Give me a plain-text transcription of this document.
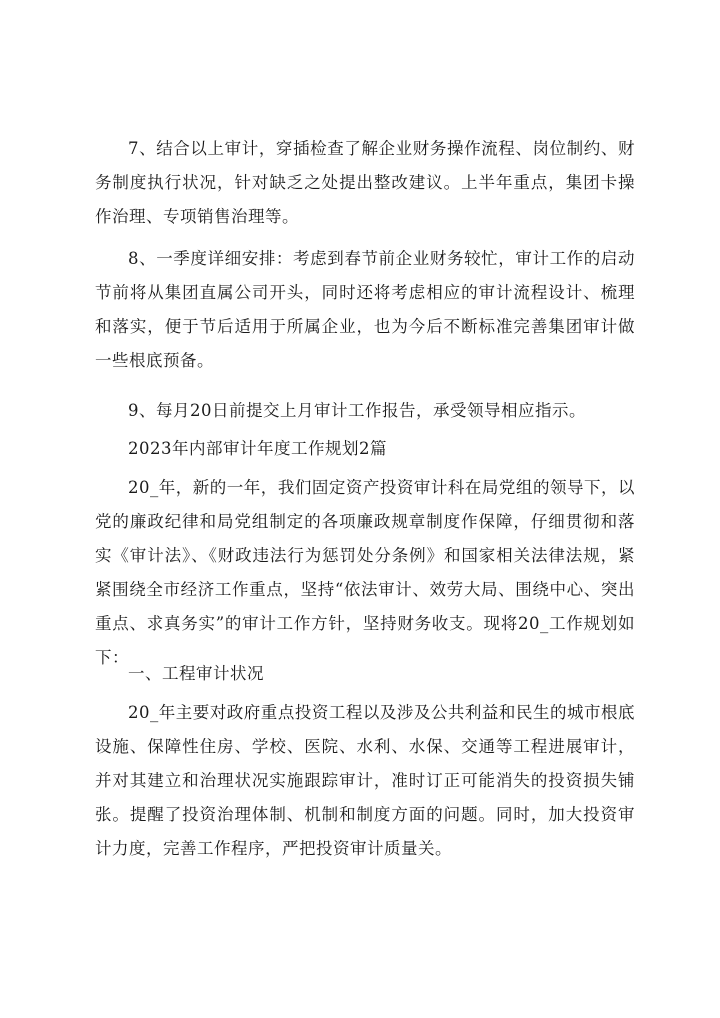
7、结合以上审计，穿插检查了解企业财务操作流程、岗位制约、财务制度执行状况，针对缺乏之处提出整改建议。上半年重点，集团卡操作治理、专项销售治理等。

8、一季度详细安排：考虑到春节前企业财务较忙，审计工作的启动节前将从集团直属公司开头，同时还将考虑相应的审计流程设计、梳理和落实，便于节后适用于所属企业，也为今后不断标准完善集团审计做一些根底预备。

9、每月20日前提交上月审计工作报告，承受领导相应指示。

2023年内部审计年度工作规划2篇

20_年，新的一年，我们固定资产投资审计科在局党组的领导下，以党的廉政纪律和局党组制定的各项廉政规章制度作保障，仔细贯彻和落实《审计法》、《财政违法行为惩罚处分条例》和国家相关法律法规，紧紧围绕全市经济工作重点，坚持“依法审计、效劳大局、围绕中心、突出重点、求真务实”的审计工作方针，坚持财务收支。现将20_工作规划如下：

一、工程审计状况

20_年主要对政府重点投资工程以及涉及公共利益和民生的城市根底设施、保障性住房、学校、医院、水利、水保、交通等工程进展审计，并对其建立和治理状况实施跟踪审计，准时订正可能消失的投资损失铺张。提醒了投资治理体制、机制和制度方面的问题。同时，加大投资审计力度，完善工作程序，严把投资审计质量关。
